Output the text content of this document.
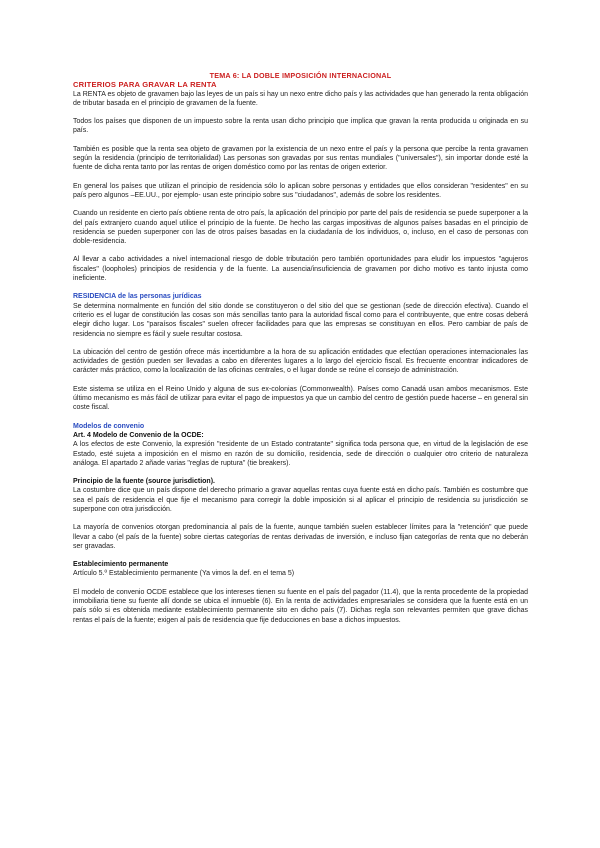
TEMA 6: LA DOBLE IMPOSICIÓN INTERNACIONAL
CRITERIOS PARA GRAVAR LA RENTA

La RENTA es objeto de gravamen bajo las leyes de un país si hay un nexo entre dicho país y las actividades que han generado la renta obligación de tributar basada en el principio de gravamen de la fuente.

Todos los países que disponen de un impuesto sobre la renta usan dicho principio que implica que gravan la renta producida u originada en su país.

También es posible que la renta sea objeto de gravamen por la existencia de un nexo entre el país y la persona que percibe la renta gravamen según la residencia (principio de territorialidad) Las personas son gravadas por sus rentas mundiales ("universales"), sin importar donde esté la fuente de dicha renta tanto por las rentas de origen doméstico como por las rentas de origen exterior.

En general los países que utilizan el principio de residencia sólo lo aplican sobre personas y entidades que ellos consideran "residentes" en su país pero algunos –EE.UU., por ejemplo- usan este principio sobre sus "ciudadanos", además de sobre los residentes.

Cuando un residente en cierto país obtiene renta de otro país, la aplicación del principio por parte del país de residencia se puede superponer a la del país extranjero cuando aquel utilice el principio de la fuente. De hecho las cargas impositivas de algunos países basadas en el principio de residencia se pueden superponer con las de otros países basadas en la ciudadanía de los individuos, o, incluso, en el caso de personas con doble-residencia.

Al llevar a cabo actividades a nivel internacional riesgo de doble tributación pero también oportunidades para eludir los impuestos "agujeros fiscales" (loopholes) principios de residencia y de la fuente. La ausencia/insuficiencia de gravamen por dicho motivo es tanto injusta como ineficiente.

RESIDENCIA de las personas jurídicas

Se determina normalmente en función del sitio donde se constituyeron o del sitio del que se gestionan (sede de dirección efectiva). Cuando el criterio es el lugar de constitución las cosas son más sencillas tanto para la autoridad fiscal como para el contribuyente, que entre cosas deberá elegir dicho lugar. Los "paraísos fiscales" suelen ofrecer facilidades para que las empresas se constituyan en ellos. Pero cambiar de país de residencia no siempre es fácil y suele resultar costosa.

La ubicación del centro de gestión ofrece más incertidumbre a la hora de su aplicación entidades que efectúan operaciones internacionales las actividades de gestión pueden ser llevadas a cabo en diferentes lugares a lo largo del ejercicio fiscal. Es frecuente encontrar indicadores de carácter más práctico, como la localización de las oficinas centrales, o el lugar donde se reúne el consejo de administración.

Este sistema se utiliza en el Reino Unido y alguna de sus ex-colonias (Commonwealth). Países como Canadá usan ambos mecanismos. Este último mecanismo es más fácil de utilizar para evitar el pago de impuestos ya que un cambio del centro de gestión puede hacerse – en general sin coste fiscal.

Modelos de convenio
Art. 4 Modelo de Convenio de la OCDE:

A los efectos de este Convenio, la expresión "residente de un Estado contratante" significa toda persona que, en virtud de la legislación de ese Estado, esté sujeta a imposición en el mismo en razón de su domicilio, residencia, sede de dirección o cualquier otro criterio de naturaleza análoga. El apartado 2 añade varias "reglas de ruptura" (tie breakers).

Principio de la fuente (source jurisdiction).

La costumbre dice que un país dispone del derecho primario a gravar aquellas rentas cuya fuente está en dicho país. También es costumbre que sea el país de residencia el que fije el mecanismo para corregir la doble imposición si al aplicar el principio de residencia su jurisdicción se superpone con otra jurisdicción.

La mayoría de convenios otorgan predominancia al país de la fuente, aunque también suelen establecer límites para la "retención" que puede llevar a cabo (el país de la fuente) sobre ciertas categorías de rentas derivadas de inversión, e incluso fijan categorías de renta que no deberán ser gravadas.

Establecimiento permanente

Artículo 5.º Establecimiento permanente (Ya vimos la def. en el tema 5)

El modelo de convenio OCDE establece que los intereses tienen su fuente en el país del pagador (11.4), que la renta procedente de la propiedad inmobiliaria tiene su fuente allí donde se ubica el inmueble (6). En la renta de actividades empresariales se considera que la fuente está en un país sólo si es obtenida mediante establecimiento permanente sito en dicho país (7). Dichas regla son relevantes permiten que grave dichas rentas el país de la fuente; exigen al país de residencia que fije deducciones en base a dichos impuestos.
